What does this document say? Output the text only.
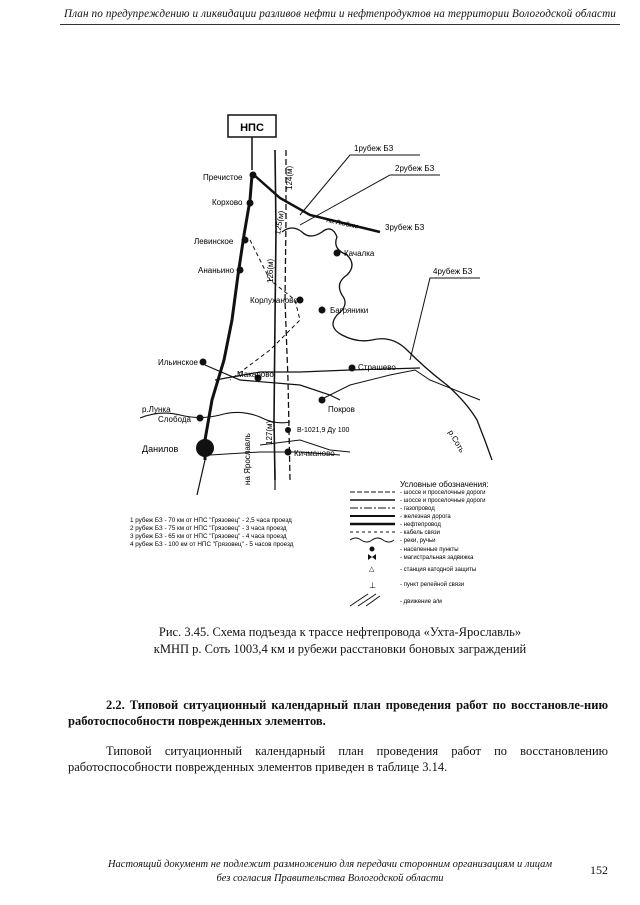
План по предупреждению и ликвидации разливов нефти и нефтепродуктов на территории Вологодской области
НПС
1рубеж БЗ
2рубеж БЗ
3рубеж БЗ
4рубеж БЗ
Пречистое
Корхово
Левинское
Ананьино
Корлуханово
Качалка
Багряники
Ильинское
Макарово
Страшево
р.Лунка
Слобода
Покров
В-1021,9 Ду 100
Кичманово
Данилов
на Любим
р.Соть
на Ярославль
124(м)
125(м)
126(м)
127(м)
1 рубеж БЗ - 70 км от НПС "Грязовец" - 2,5 часа проезд
2 рубеж БЗ - 75 км от НПС "Грязовец" - 3 часа проезд
3 рубеж БЗ - 65 км от НПС "Грязовец" - 4 часа проезд
4 рубеж БЗ - 100 км от НПС "Грязовец" - 5 часов проезд
Условные обозначения:
- шоссе и проселочные дороги
- шоссе и проселочные дороги
- газопровод
- железная дорога
- нефтепровод
- кабель связи
- реки, ручьи
- населенные пункты
- магистральная задвижка
△	- станция катодной защиты
⊥	- пункт релейной связи
- движение а/м
Рис. 3.45. Схема подъезда к трассе нефтепровода «Ухта-Ярославль»
кМНП р. Соть 1003,4 км и рубежи расстановки боновых заграждений
2.2. Типовой ситуационный календарный план проведения работ по восстановле-нию работоспособности поврежденных элементов.
Типовой ситуационный календарный план проведения работ по восстановлению работоспособности поврежденных элементов приведен в таблице 3.14.
Настоящий документ не подлежит размножению для передачи сторонним организациям и лицам
без согласия Правительства Вологодской области
152
